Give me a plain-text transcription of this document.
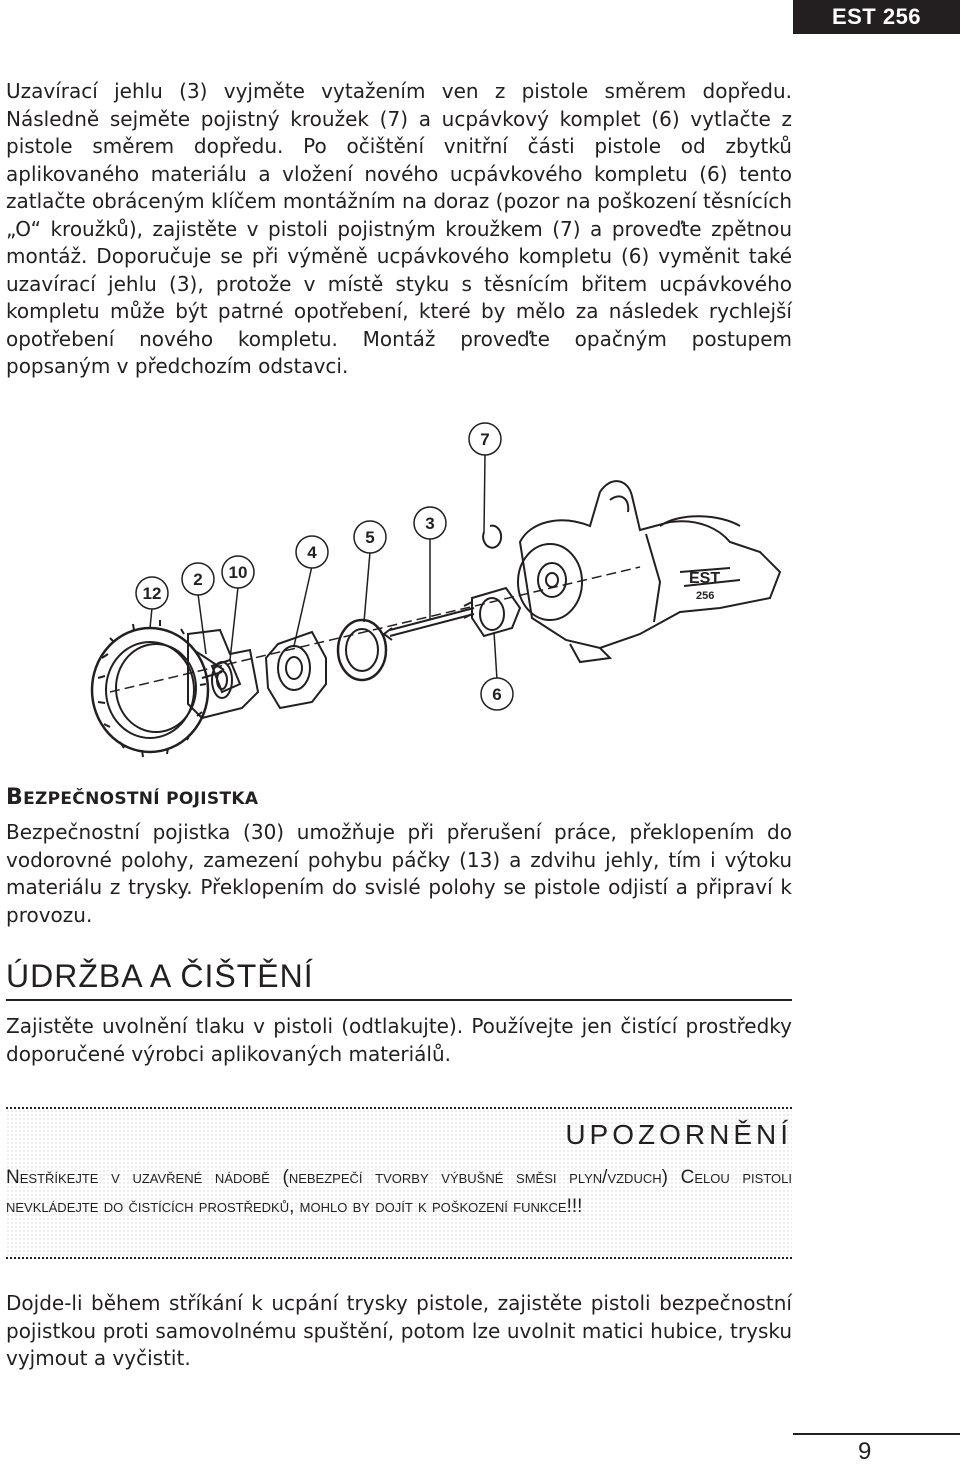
EST 256

Uzavírací jehlu (3) vyjměte vytažením ven z pistole směrem dopředu. Následně sejměte pojistný kroužek (7) a ucpávkový komplet (6) vytlačte z pistole směrem dopředu. Po očištění vnitřní části pistole od zbytků aplikovaného materiálu a vložení nového ucpávkového kompletu (6) tento zatlačte obráceným klíčem montážním na doraz (pozor na poškození těsnících „O“ kroužků), zajistěte v pistoli pojistným kroužkem (7) a proveďte zpětnou montáž. Doporučuje se při výměně ucpávkového kompletu (6) vyměnit také uzavírací jehlu (3), protože v místě styku s těsnícím břitem ucpávkového kompletu může být patrné opotřebení, které by mělo za následek rychlejší opotřebení nového kompletu. Montáž proveďte opačným postupem popsaným v předchozím odstavci.

EST
256
7
3
5
4
10
2
12
6
BEZPEČNOSTNÍ POJISTKA

Bezpečnostní pojistka (30) umožňuje při přerušení práce, překlopením do vodorovné polohy, zamezení pohybu páčky (13) a zdvihu jehly, tím i výtoku materiálu z trysky. Překlopením do svislé polohy se pistole odjistí a připraví k provozu.

ÚDRŽBA A ČIŠTĚNÍ

Zajistěte uvolnění tlaku v pistoli (odtlakujte). Používejte jen čistící prostředky doporučené výrobci aplikovaných materiálů.

UPOZORNĚNÍ

Nestříkejte v uzavřené nádobě (nebezpečí tvorby výbušné směsi plyn/vzduch) Celou pistoli nevkládejte do čistících prostředků, mohlo by dojít k poškození funkce!!!

Dojde-li během stříkání k ucpání trysky pistole, zajistěte pistoli bezpečnostní pojistkou proti samovolnému spuštění, potom lze uvolnit matici hubice, trysku vyjmout a vyčistit.

9
